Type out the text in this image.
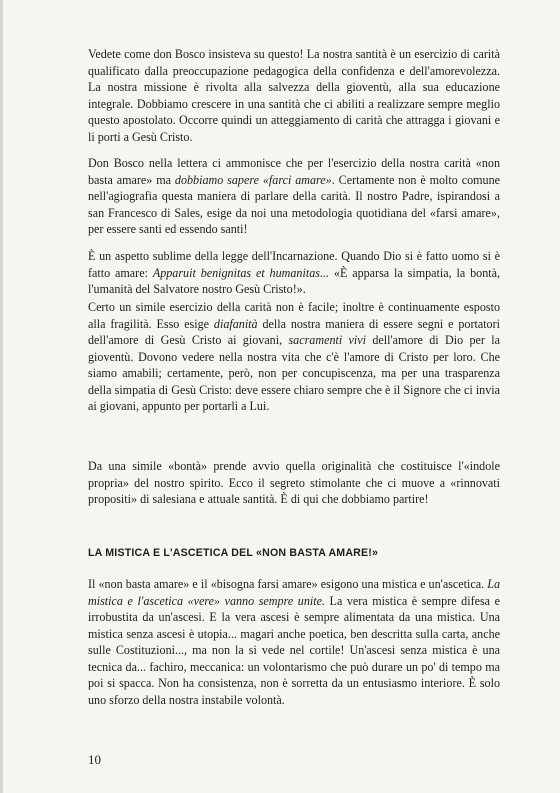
Vedete come don Bosco insisteva su questo! La nostra santità è un esercizio di carità qualificato dalla preoccupazione pedagogica della confidenza e dell'amorevolezza. La nostra missione è rivolta alla salvezza della gioventù, alla sua educazione integrale. Dobbiamo crescere in una santità che ci abiliti a realizzare sempre meglio questo apostolato. Occorre quindi un atteggiamento di carità che attragga i giovani e li porti a Gesù Cristo.
Don Bosco nella lettera ci ammonisce che per l'esercizio della nostra carità «non basta amare» ma dobbiamo sapere «farci amare». Certamente non è molto comune nell'agiografia questa maniera di parlare della carità. Il nostro Padre, ispirandosi a san Francesco di Sales, esige da noi una metodologia quotidiana del «farsi amare», per essere santi ed essendo santi!
È un aspetto sublime della legge dell'Incarnazione. Quando Dio si è fatto uomo si è fatto amare: Apparuit benignitas et humanitas... «È apparsa la simpatia, la bontà, l'umanità del Salvatore nostro Gesù Cristo!».
Certo un simile esercizio della carità non è facile; inoltre è continuamente esposto alla fragilità. Esso esige diafanità della nostra maniera di essere segni e portatori dell'amore di Gesù Cristo ai giovani, sacramenti vivi dell'amore di Dio per la gioventù. Dovono vedere nella nostra vita che c'è l'amore di Cristo per loro. Che siamo amabili; certamente, però, non per concupiscenza, ma per una trasparenza della simpatia di Gesù Cristo: deve essere chiaro sempre che è il Signore che ci invia ai giovani, appunto per portarli a Lui.
Da una simile «bontà» prende avvio quella originalità che costituisce l'«indole propria» del nostro spirito. Ecco il segreto stimolante che ci muove a «rinnovati propositi» di salesiana e attuale santità. È di qui che dobbiamo partire!
LA MISTICA E L'ASCETICA DEL «NON BASTA AMARE!»
Il «non basta amare» e il «bisogna farsi amare» esigono una mistica e un'ascetica. La mistica e l'ascetica «vere» vanno sempre unite. La vera mistica è sempre difesa e irrobustita da un'ascesi. E la vera ascesi è sempre alimentata da una mistica. Una mistica senza ascesi è utopia... magari anche poetica, ben descritta sulla carta, anche sulle Costituzioni..., ma non la si vede nel cortile! Un'ascesi senza mistica è una tecnica da... fachiro, meccanica: un volontarismo che può durare un po' di tempo ma poi si spacca. Non ha consistenza, non è sorretta da un entusiasmo interiore. È solo uno sforzo della nostra instabile volontà.
10
